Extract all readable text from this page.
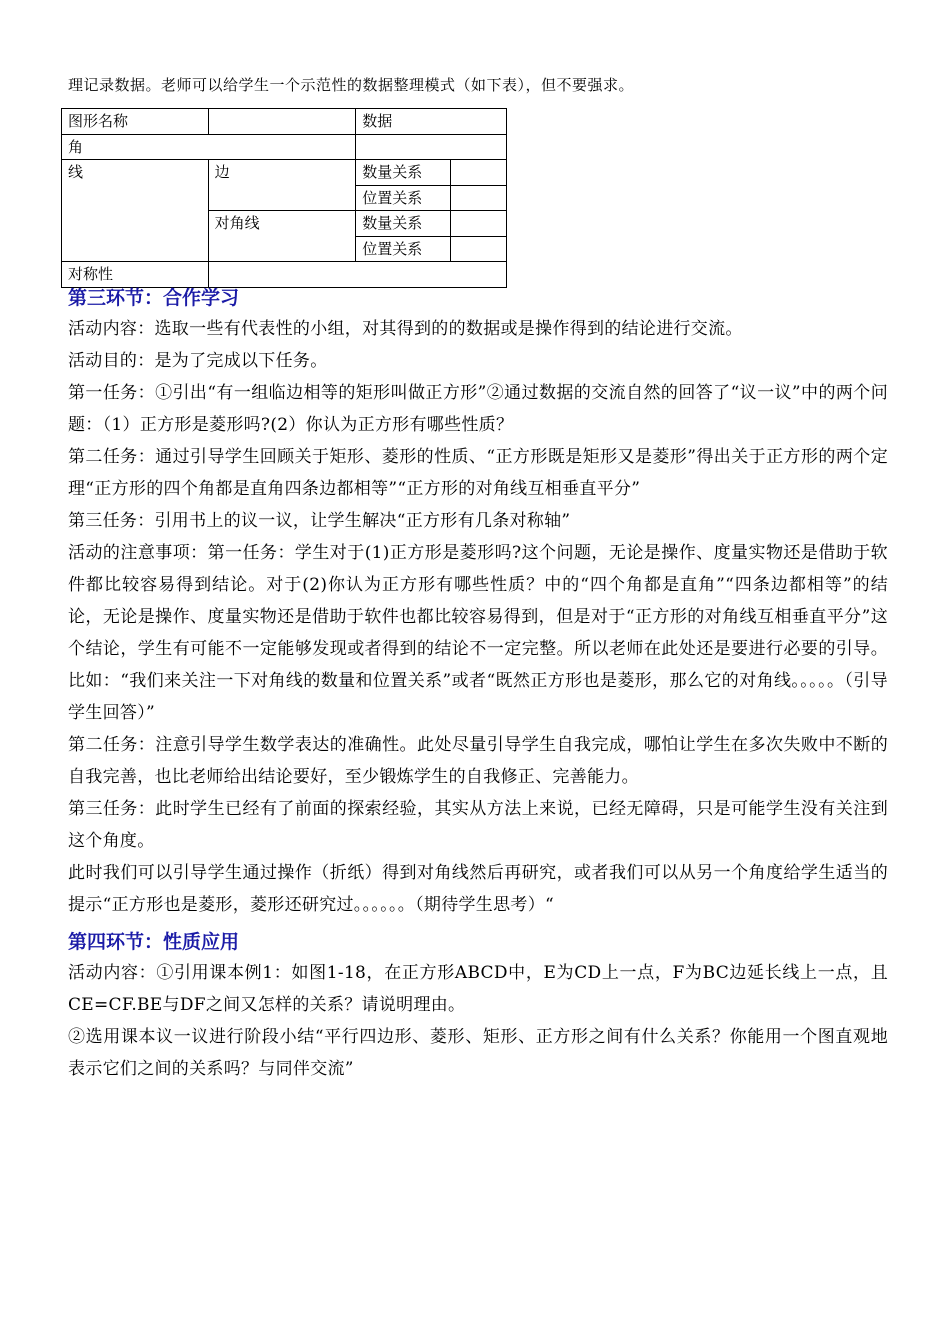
理记录数据。老师可以给学生一个示范性的数据整理模式（如下表），但不要强求。
图形名称		数据	
角			
线	边	数量关系	
		位置关系	
	对角线	数量关系	
		位置关系	
对称性			

第三环节：合作学习

活动内容：选取一些有代表性的小组，对其得到的的数据或是操作得到的结论进行交流。

活动目的：是为了完成以下任务。

第一任务：①引出“有一组临边相等的矩形叫做正方形”②通过数据的交流自然的回答了“议一议”中的两个问题：（1）正方形是菱形吗?(2）你认为正方形有哪些性质？

第二任务：通过引导学生回顾关于矩形、菱形的性质、“正方形既是矩形又是菱形”得出关于正方形的两个定理“正方形的四个角都是直角四条边都相等”“正方形的对角线互相垂直平分”

第三任务：引用书上的议一议，让学生解决“正方形有几条对称轴”

活动的注意事项：第一任务：学生对于(1)正方形是菱形吗?这个问题，无论是操作、度量实物还是借助于软件都比较容易得到结论。对于(2)你认为正方形有哪些性质？中的“四个角都是直角”“四条边都相等”的结论，无论是操作、度量实物还是借助于软件也都比较容易得到，但是对于“正方形的对角线互相垂直平分”这个结论，学生有可能不一定能够发现或者得到的结论不一定完整。所以老师在此处还是要进行必要的引导。比如：“我们来关注一下对角线的数量和位置关系”或者“既然正方形也是菱形，那么它的对角线。。。。。（引导学生回答）”

第二任务：注意引导学生数学表达的准确性。此处尽量引导学生自我完成，哪怕让学生在多次失败中不断的自我完善，也比老师给出结论要好，至少锻炼学生的自我修正、完善能力。

第三任务：此时学生已经有了前面的探索经验，其实从方法上来说，已经无障碍，只是可能学生没有关注到这个角度。

此时我们可以引导学生通过操作（折纸）得到对角线然后再研究，或者我们可以从另一个角度给学生适当的提示“正方形也是菱形，菱形还研究过。。。。。。（期待学生思考）“

第四环节：性质应用

活动内容：①引用课本例1：如图1-18，在正方形ABCD中，E为CD上一点，F为BC边延长线上一点，且CE=CF.BE与DF之间又怎样的关系？请说明理由。

②选用课本议一议进行阶段小结“平行四边形、菱形、矩形、正方形之间有什么关系？你能用一个图直观地表示它们之间的关系吗？与同伴交流”
